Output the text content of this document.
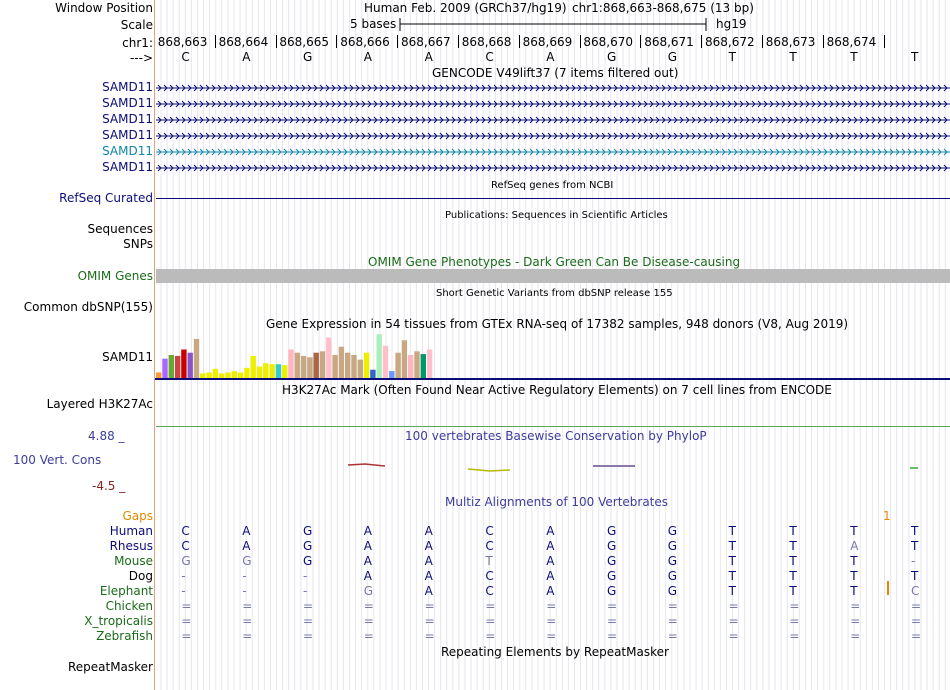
Window Position
Scale
chr1:
--->
Human Feb. 2009 (GRCh37/hg19) chr1:868,663-868,675 (13 bp)
5 bases	hg19
868,663 868,664 868,665 868,666 868,667 868,668 868,669 868,670 868,671 868,672 868,673 868,674
C	A	G	A	A	C	A	G	G	T	T	T	T
GENCODE V49lift37 (7 items filtered out)
SAMD11
SAMD11
SAMD11
SAMD11
SAMD11
SAMD11
RefSeq genes from NCBI
RefSeq Curated
Publications: Sequences in Scientific Articles
Sequences
SNPs
OMIM Gene Phenotypes - Dark Green Can Be Disease-causing
OMIM Genes
Short Genetic Variants from dbSNP release 155
Common dbSNP(155)
Gene Expression in 54 tissues from GTEx RNA-seq of 17382 samples, 948 donors (V8, Aug 2019)
SAMD11
H3K27Ac Mark (Often Found Near Active Regulatory Elements) on 7 cell lines from ENCODE
Layered H3K27Ac
4.88 _	100 vertebrates Basewise Conservation by PhyloP
100 Vert. Cons
-4.5 _
Multiz Alignments of 100 Vertebrates
Gaps	1
Human C	A	G	A	A	C	A	G	G	T	T	T	T
Rhesus C	A	G	A	A	C	A	G	G	T	T	A	T
Mouse G	G	G	A	A	T	A	G	G	T	T	T	-
Dog -	-	-	A	A	C	A	G	G	T	T	T	T
Elephant -	-	-	G	A	C	A	G	G	T	T	T	C
Chicken =	=	=	=	=	=	=	=	=	=	=	=	=
X_tropicalis =	=	=	=	=	=	=	=	=	=	=	=	=
Zebrafish =	=	=	=	=	=	=	=	=	=	=	=	=
Repeating Elements by RepeatMasker
RepeatMasker
